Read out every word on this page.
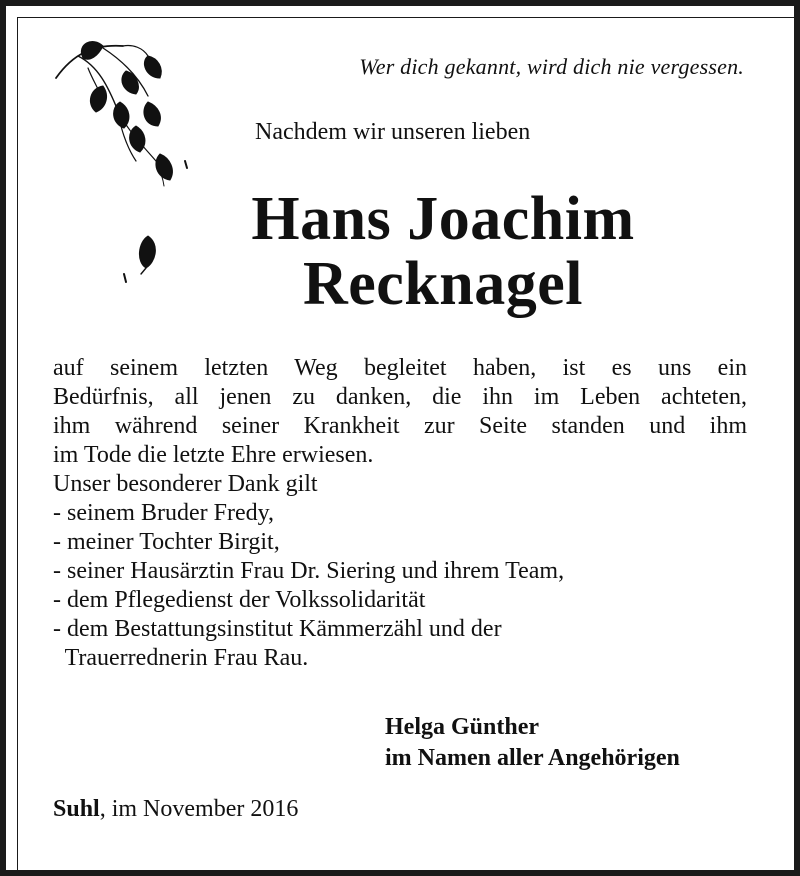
Wer dich gekannt, wird dich nie vergessen.
Nachdem wir unseren lieben
Hans Joachim
Recknagel
auf seinem letzten Weg begleitet haben, ist es uns ein
Bedürfnis, all jenen zu danken, die ihn im Leben achteten,
ihm während seiner Krankheit zur Seite standen und ihm
im Tode die letzte Ehre erwiesen.
Unser besonderer Dank gilt
- seinem Bruder Fredy,
- meiner Tochter Birgit,
- seiner Hausärztin Frau Dr. Siering und ihrem Team,
- dem Pflegedienst der Volkssolidarität
- dem Bestattungsinstitut Kämmerzähl und der
Trauerrednerin Frau Rau.
Helga Günther
im Namen aller Angehörigen
Suhl, im November 2016
